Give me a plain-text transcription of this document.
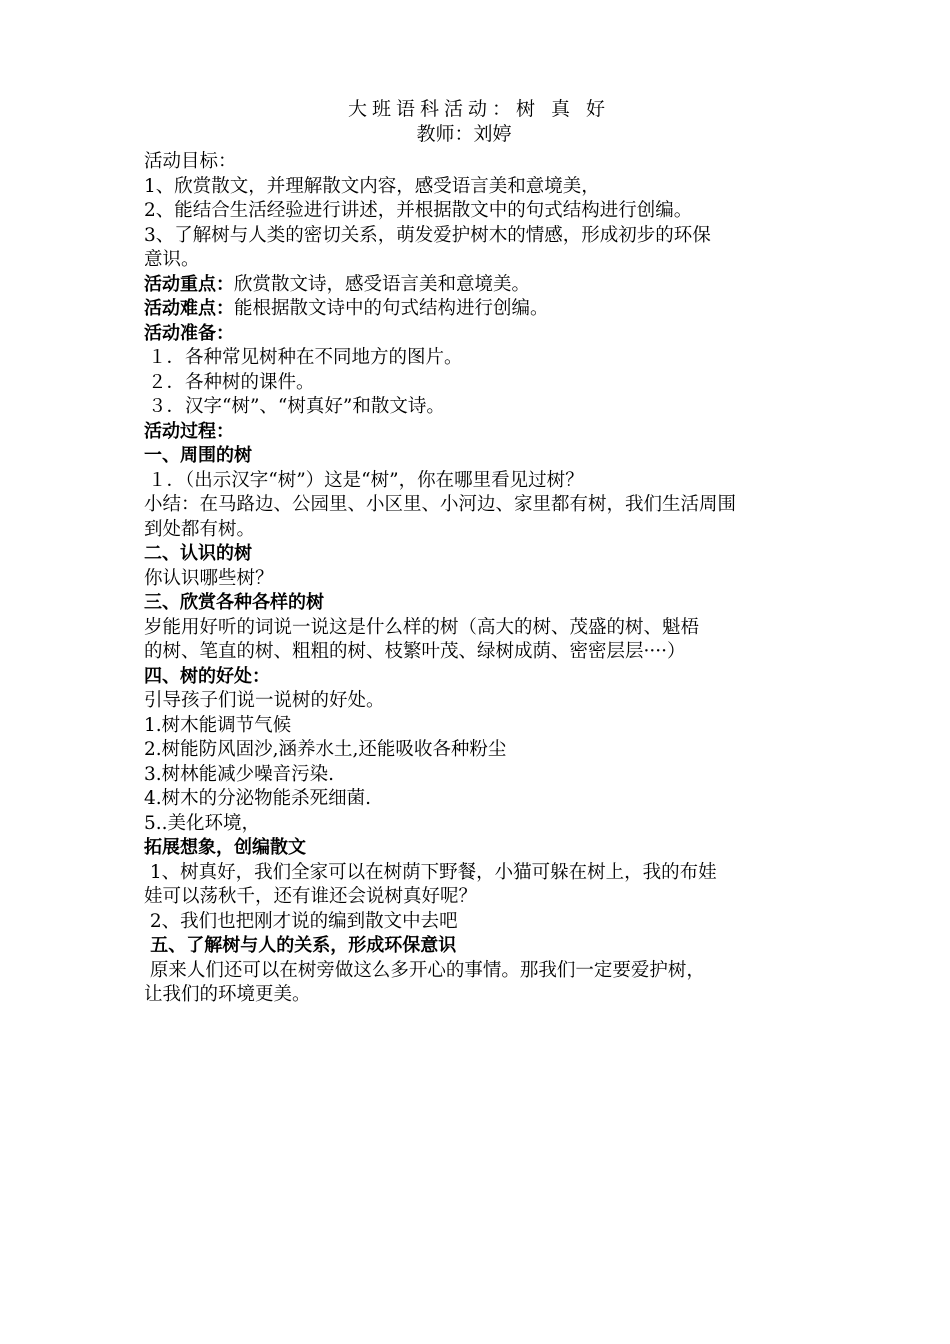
大班语科活动：树 真 好
教师：刘婷
活动目标：
1、欣赏散文，并理解散文内容，感受语言美和意境美，
2、能结合生活经验进行讲述，并根据散文中的句式结构进行创编。
3、了解树与人类的密切关系，萌发爱护树木的情感，形成初步的环保
意识。
活动重点：欣赏散文诗，感受语言美和意境美。
活动难点：能根据散文诗中的句式结构进行创编。
活动准备：
１．各种常见树种在不同地方的图片。
２．各种树的课件。
３．汉字“树”、“树真好”和散文诗。
活动过程：
一、周围的树
１．（出示汉字“树”）这是“树”，你在哪里看见过树？
小结：在马路边、公园里、小区里、小河边、家里都有树，我们生活周围
到处都有树。
二、认识的树
你认识哪些树？
三、欣赏各种各样的树
岁能用好听的词说一说这是什么样的树（高大的树、茂盛的树、魁梧
的树、笔直的树、粗粗的树、枝繁叶茂、绿树成荫、密密层层····）
四、树的好处：
引导孩子们说一说树的好处。
1.树木能调节气候
2.树能防风固沙,涵养水土,还能吸收各种粉尘
3.树林能减少噪音污染.
4.树木的分泌物能杀死细菌.
5..美化环境，
拓展想象，创编散文
1、树真好，我们全家可以在树荫下野餐，小猫可躲在树上，我的布娃
娃可以荡秋千，还有谁还会说树真好呢？
2、我们也把刚才说的编到散文中去吧
五、了解树与人的关系，形成环保意识
原来人们还可以在树旁做这么多开心的事情。那我们一定要爱护树，
让我们的环境更美。
